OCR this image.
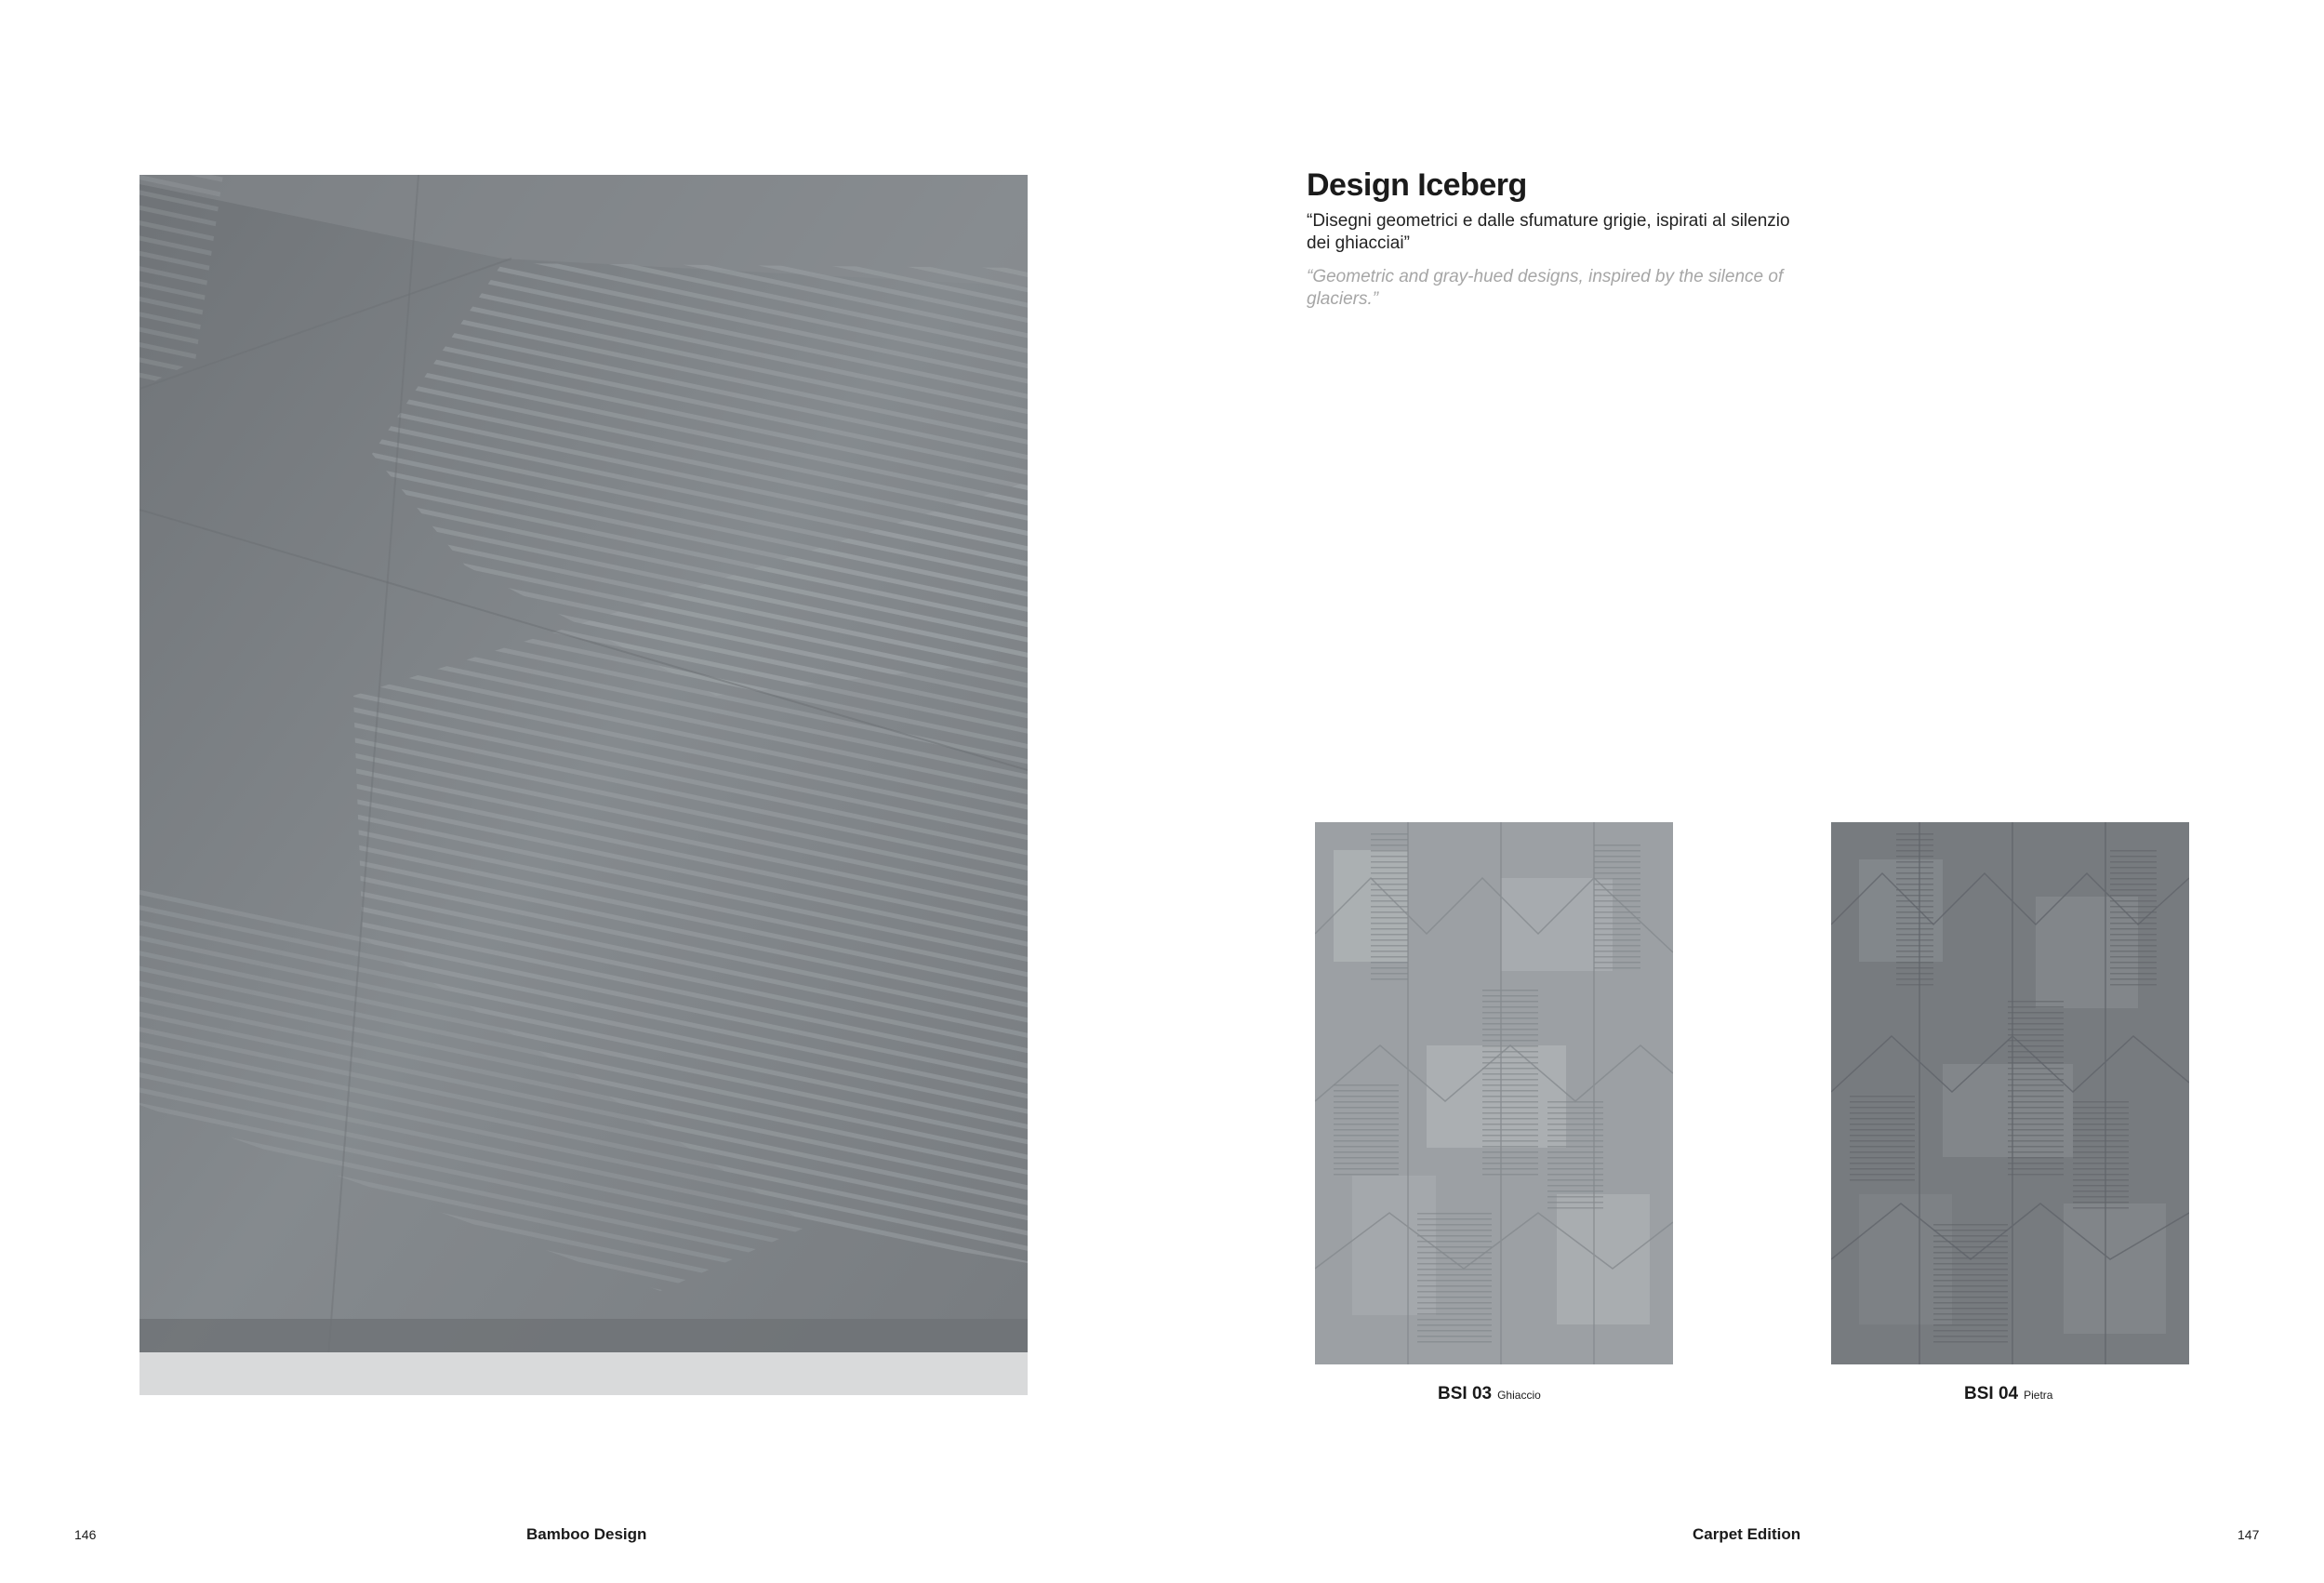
Design Iceberg
“Disegni geometrici e dalle sfumature grigie, ispirati al silenzio dei ghiacciai”
“Geometric and gray-hued designs, inspired by the silence of glaciers.”
BSI 03 Ghiaccio	BSI 04 Pietra
146	Bamboo Design	Carpet Edition	147
